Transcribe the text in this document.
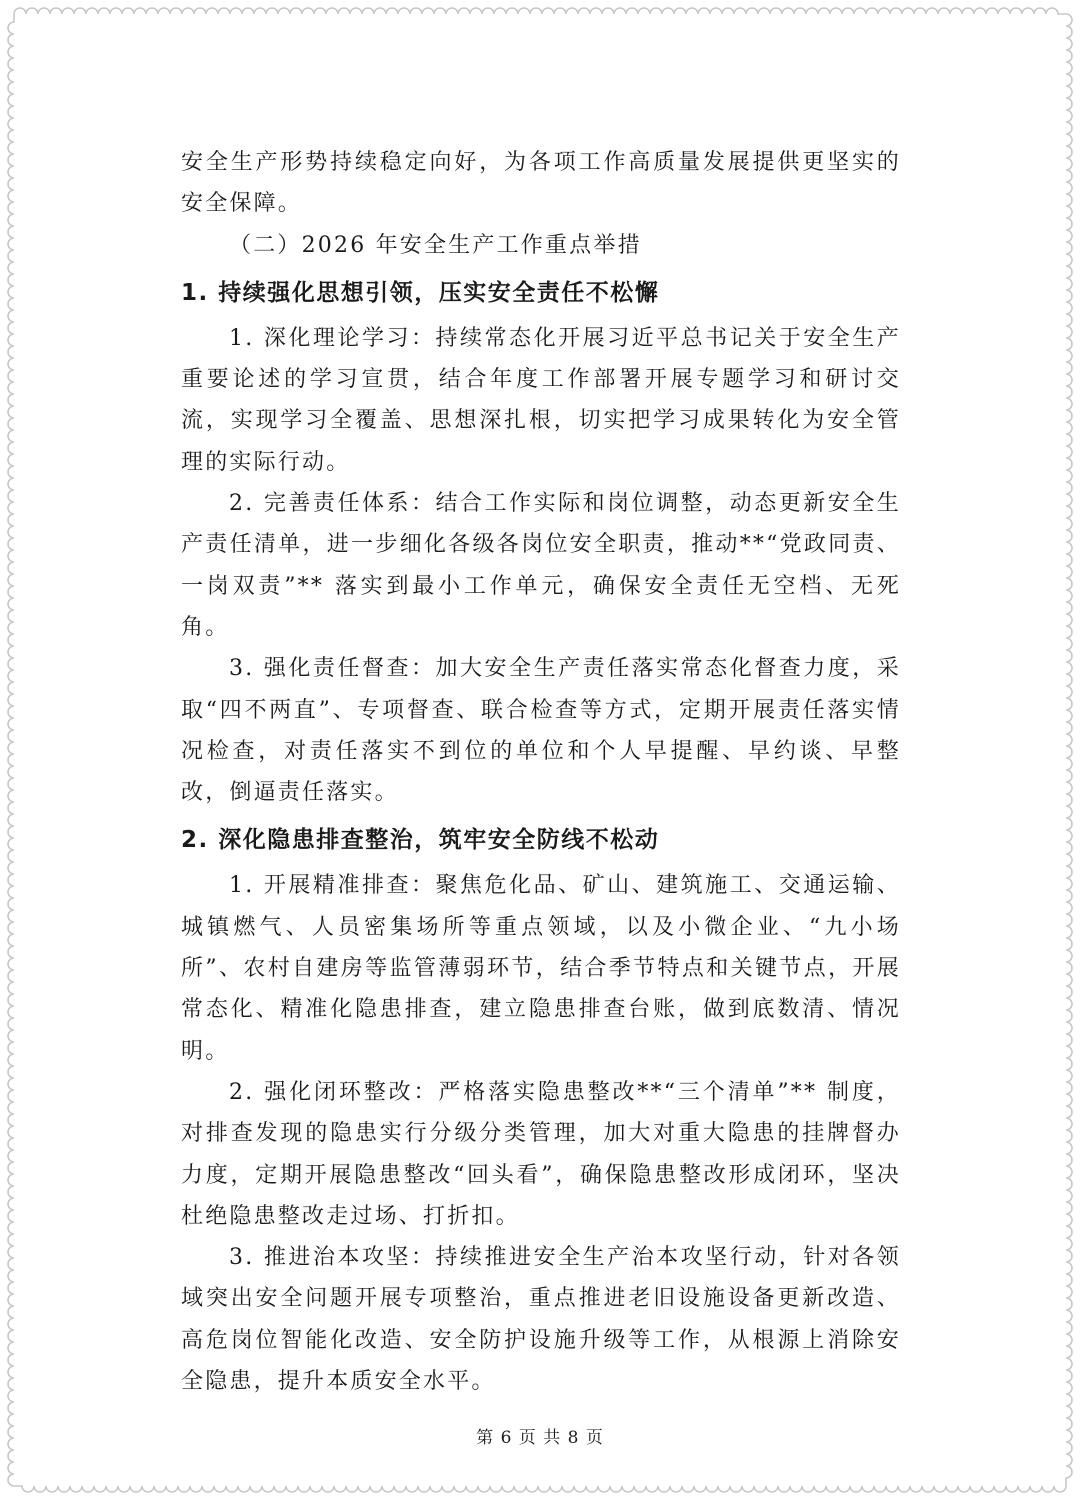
安全生产形势持续稳定向好，为各项工作高质量发展提供更坚实的安全保障。

（二）2026 年安全生产工作重点举措

1. 持续强化思想引领，压实安全责任不松懈

1. 深化理论学习：持续常态化开展习近平总书记关于安全生产重要论述的学习宣贯，结合年度工作部署开展专题学习和研讨交流，实现学习全覆盖、思想深扎根，切实把学习成果转化为安全管理的实际行动。

2. 完善责任体系：结合工作实际和岗位调整，动态更新安全生产责任清单，进一步细化各级各岗位安全职责，推动**“党政同责、一岗双责”** 落实到最小工作单元，确保安全责任无空档、无死角。

3. 强化责任督查：加大安全生产责任落实常态化督查力度，采取“四不两直”、专项督查、联合检查等方式，定期开展责任落实情况检查，对责任落实不到位的单位和个人早提醒、早约谈、早整改，倒逼责任落实。

2. 深化隐患排查整治，筑牢安全防线不松动

1. 开展精准排查：聚焦危化品、矿山、建筑施工、交通运输、城镇燃气、人员密集场所等重点领域，以及小微企业、“九小场所”、农村自建房等监管薄弱环节，结合季节特点和关键节点，开展常态化、精准化隐患排查，建立隐患排查台账，做到底数清、情况明。

2. 强化闭环整改：严格落实隐患整改**“三个清单”** 制度，对排查发现的隐患实行分级分类管理，加大对重大隐患的挂牌督办力度，定期开展隐患整改“回头看”，确保隐患整改形成闭环，坚决杜绝隐患整改走过场、打折扣。

3. 推进治本攻坚：持续推进安全生产治本攻坚行动，针对各领域突出安全问题开展专项整治，重点推进老旧设施设备更新改造、高危岗位智能化改造、安全防护设施升级等工作，从根源上消除安全隐患，提升本质安全水平。

第 6 页 共 8 页
